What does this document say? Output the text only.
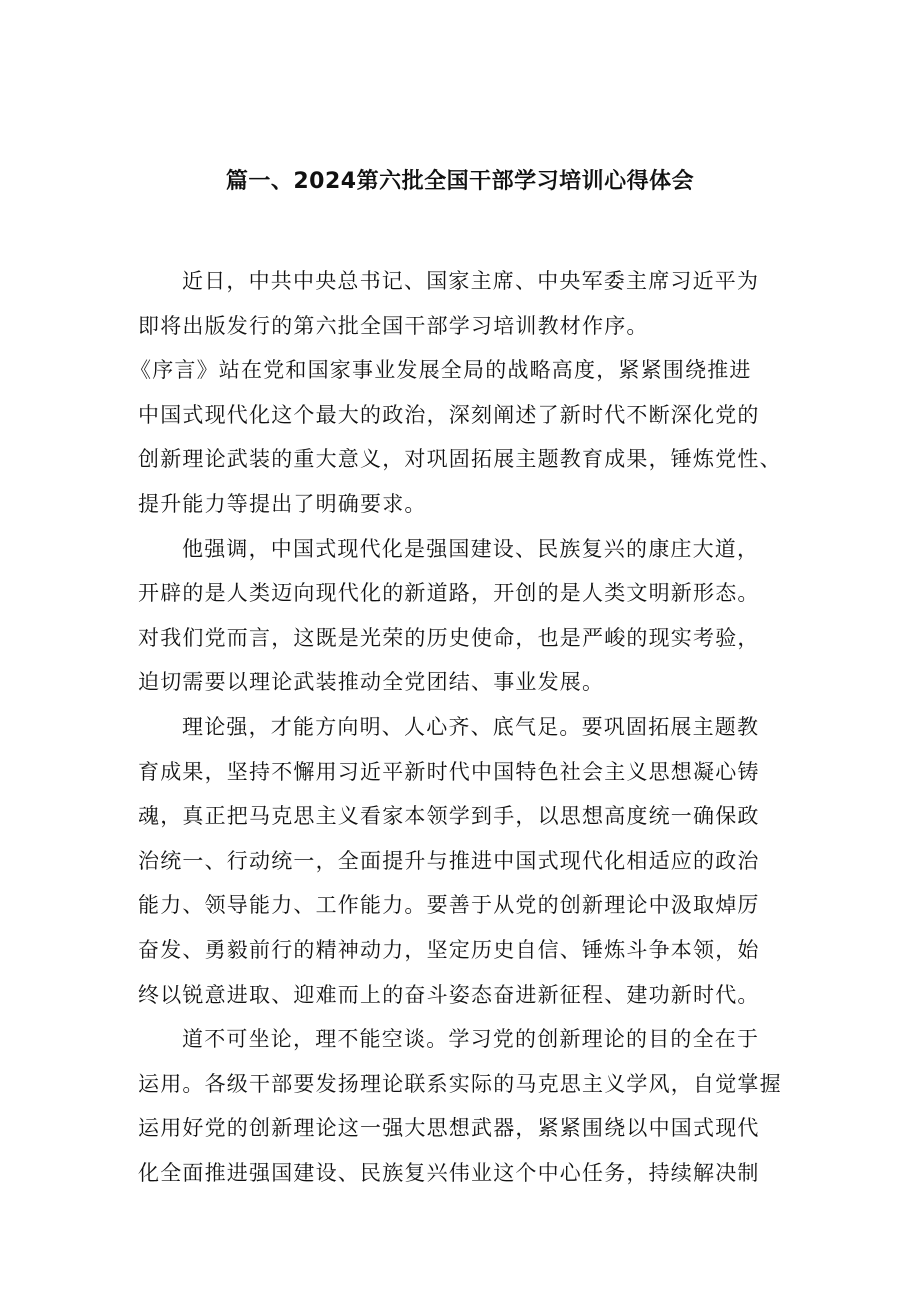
篇一、2024第六批全国干部学习培训心得体会
近日，中共中央总书记、国家主席、中央军委主席习近平为
即将出版发行的第六批全国干部学习培训教材作序。
《序言》站在党和国家事业发展全局的战略高度，紧紧围绕推进
中国式现代化这个最大的政治，深刻阐述了新时代不断深化党的
创新理论武装的重大意义，对巩固拓展主题教育成果，锤炼党性、
提升能力等提出了明确要求。
他强调，中国式现代化是强国建设、民族复兴的康庄大道，
开辟的是人类迈向现代化的新道路，开创的是人类文明新形态。
对我们党而言，这既是光荣的历史使命，也是严峻的现实考验，
迫切需要以理论武装推动全党团结、事业发展。
理论强，才能方向明、人心齐、底气足。要巩固拓展主题教
育成果，坚持不懈用习近平新时代中国特色社会主义思想凝心铸
魂，真正把马克思主义看家本领学到手，以思想高度统一确保政
治统一、行动统一，全面提升与推进中国式现代化相适应的政治
能力、领导能力、工作能力。要善于从党的创新理论中汲取焯厉
奋发、勇毅前行的精神动力，坚定历史自信、锤炼斗争本领，始
终以锐意进取、迎难而上的奋斗姿态奋进新征程、建功新时代。
道不可坐论，理不能空谈。学习党的创新理论的目的全在于
运用。各级干部要发扬理论联系实际的马克思主义学风，自觉掌握
运用好党的创新理论这一强大思想武器，紧紧围绕以中国式现代
化全面推进强国建设、民族复兴伟业这个中心任务，持续解决制
